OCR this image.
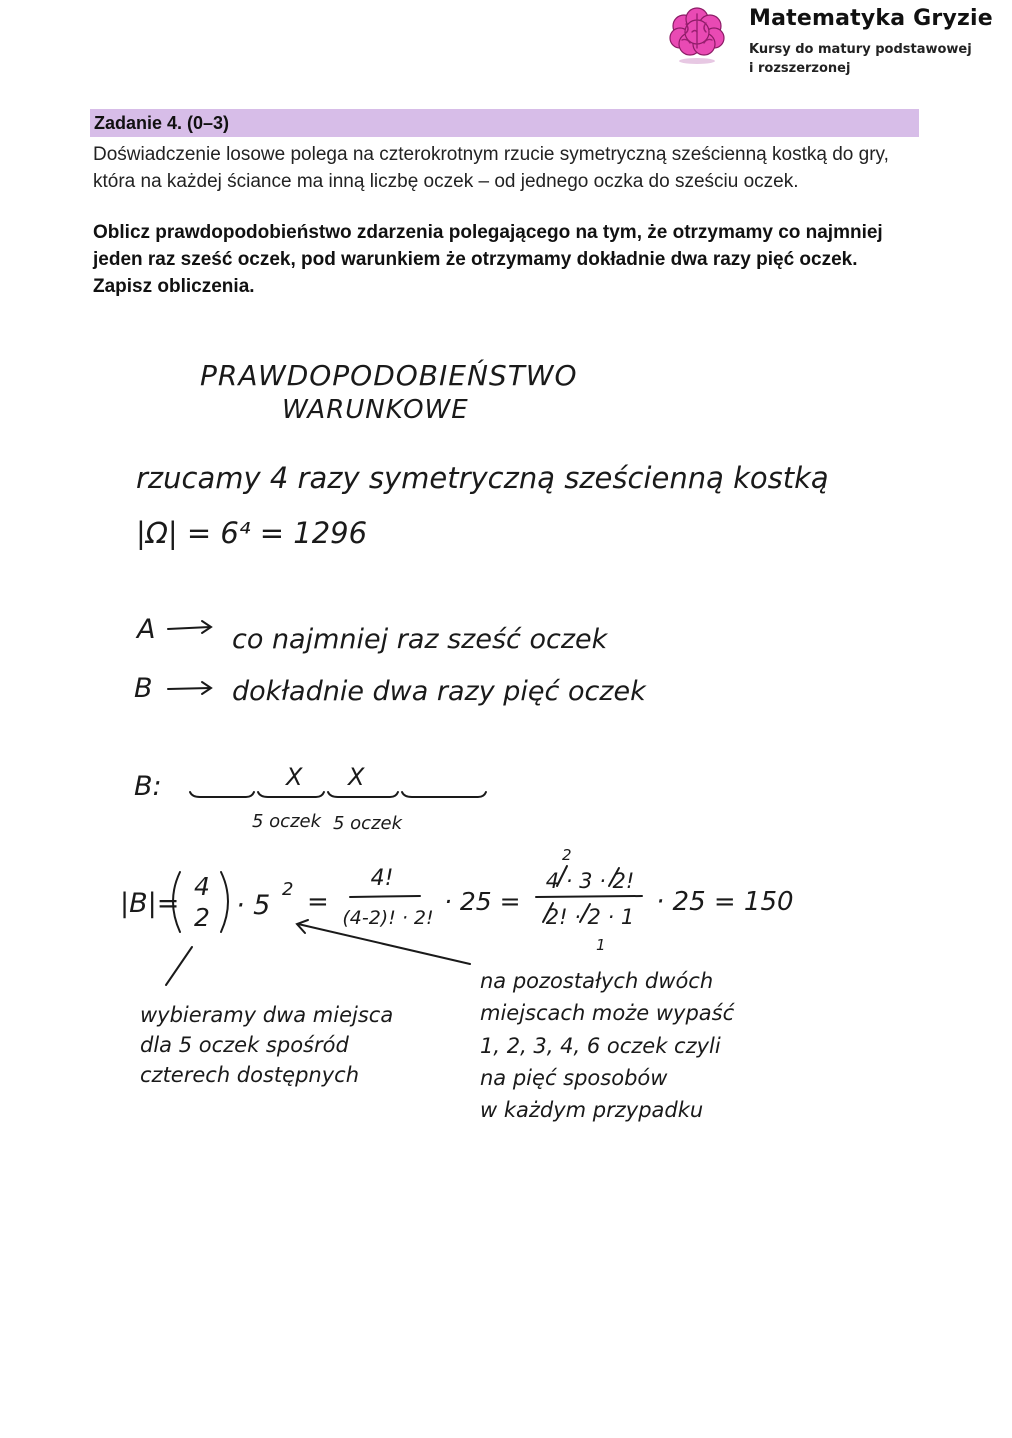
Matematyka Gryzie
Kursy do matury podstawowej
i rozszerzonej
Zadanie 4. (0–3)
Doświadczenie losowe polega na czterokrotnym rzucie symetryczną sześcienną kostką do gry, która na każdej ściance ma inną liczbę oczek – od jednego oczka do sześciu oczek.
Oblicz prawdopodobieństwo zdarzenia polegającego na tym, że otrzymamy co najmniej jeden raz sześć oczek, pod warunkiem że otrzymamy dokładnie dwa razy pięć oczek. Zapisz obliczenia.
PRAWDOPODOBIEŃSTWO
WARUNKOWE
rzucamy 4 razy symetryczną sześcienną kostką
|Ω| = 6⁴ = 1296
A	co najmniej raz sześć oczek
B	dokładnie dwa razy pięć oczek
B:	X X
5 oczek 5 oczek
|B|=
4
2 · 5
2 =
4!
(4-2)! · 2!
· 25 =
2
4 · 3 · 2!
2! · 2 · 1
1
· 25 = 150
wybieramy dwa miejsca
dla 5 oczek spośród
czterech dostępnych
na pozostałych dwóch
miejscach może wypaść
1, 2, 3, 4, 6 oczek czyli
na pięć sposobów
w każdym przypadku
